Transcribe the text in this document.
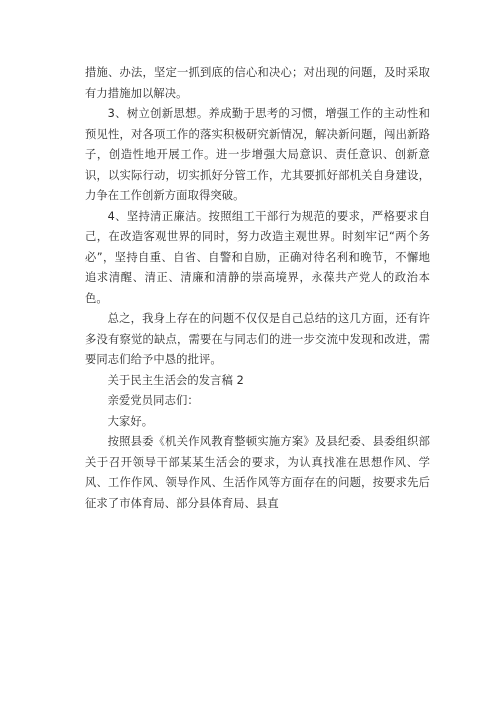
措施、办法，坚定一抓到底的信心和决心；对出现的问题，及时采取有力措施加以解决。

3、树立创新思想。养成勤于思考的习惯，增强工作的主动性和预见性，对各项工作的落实积极研究新情况，解决新问题，闯出新路子，创造性地开展工作。进一步增强大局意识、责任意识、创新意识，以实际行动，切实抓好分管工作，尤其要抓好部机关自身建设，力争在工作创新方面取得突破。

4、坚持清正廉洁。按照组工干部行为规范的要求，严格要求自己，在改造客观世界的同时，努力改造主观世界。时刻牢记“两个务必”，坚持自重、自省、自警和自励，正确对待名利和晚节，不懈地追求清醒、清正、清廉和清静的崇高境界，永葆共产党人的政治本色。

总之，我身上存在的问题不仅仅是自己总结的这几方面，还有许多没有察觉的缺点，需要在与同志们的进一步交流中发现和改进，需要同志们给予中恳的批评。

关于民主生活会的发言稿 2

亲爱党员同志们：

大家好。

按照县委《机关作风教育整顿实施方案》及县纪委、县委组织部关于召开领导干部某某生活会的要求，为认真找准在思想作风、学风、工作作风、领导作风、生活作风等方面存在的问题，按要求先后征求了市体育局、部分县体育局、县直
